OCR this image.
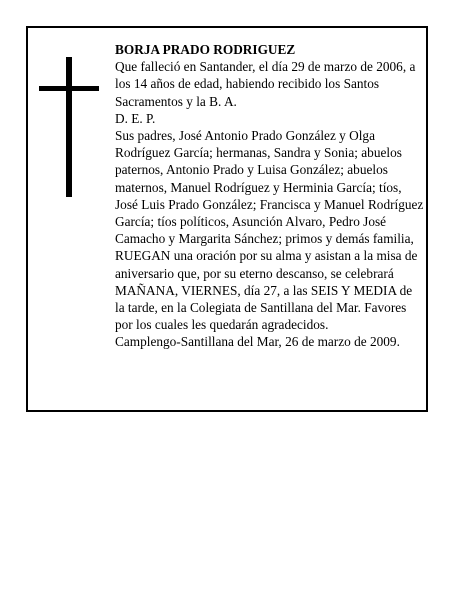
BORJA PRADO RODRIGUEZ

Que falleció en Santander, el día 29 de marzo de 2006, a los 14 años de edad, habiendo recibido los Santos Sacramentos y la B. A.

D. E. P.

Sus padres, José Antonio Prado González y Olga Rodríguez García; hermanas, Sandra y Sonia; abuelos paternos, Antonio Prado y Luisa González; abuelos maternos, Manuel Rodríguez y Herminia García; tíos, José Luis Prado González; Francisca y Manuel Rodríguez García; tíos políticos, Asunción Alvaro, Pedro José Camacho y Margarita Sánchez; primos y demás familia,

RUEGAN una oración por su alma y asistan a la misa de aniversario que, por su eterno descanso, se celebrará MAÑANA, VIERNES, día 27, a las SEIS Y MEDIA de la tarde, en la Colegiata de Santillana del Mar. Favores por los cuales les quedarán agradecidos.

Camplengo-Santillana del Mar, 26 de marzo de 2009.
